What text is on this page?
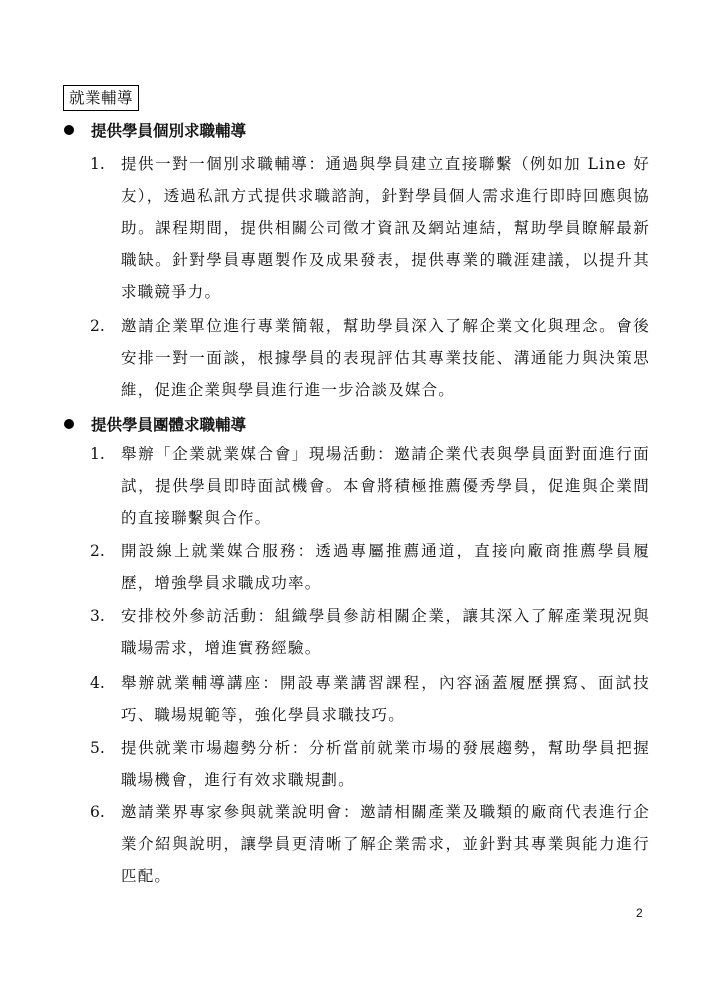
就業輔導
提供學員個別求職輔導
1. 提供一對一個別求職輔導：通過與學員建立直接聯繫（例如加 Line 好友），透過私訊方式提供求職諮詢，針對學員個人需求進行即時回應與協助。課程期間，提供相關公司徵才資訊及網站連結，幫助學員瞭解最新職缺。針對學員專題製作及成果發表，提供專業的職涯建議，以提升其求職競爭力。
2. 邀請企業單位進行專業簡報，幫助學員深入了解企業文化與理念。會後安排一對一面談，根據學員的表現評估其專業技能、溝通能力與決策思維，促進企業與學員進行進一步洽談及媒合。
提供學員團體求職輔導
1. 舉辦「企業就業媒合會」現場活動：邀請企業代表與學員面對面進行面試，提供學員即時面試機會。本會將積極推薦優秀學員，促進與企業間的直接聯繫與合作。
2. 開設線上就業媒合服務：透過專屬推薦通道，直接向廠商推薦學員履歷，增強學員求職成功率。
3. 安排校外參訪活動：組織學員參訪相關企業，讓其深入了解產業現況與職場需求，增進實務經驗。
4. 舉辦就業輔導講座：開設專業講習課程，內容涵蓋履歷撰寫、面試技巧、職場規範等，強化學員求職技巧。
5. 提供就業市場趨勢分析：分析當前就業市場的發展趨勢，幫助學員把握職場機會，進行有效求職規劃。
6. 邀請業界專家參與就業說明會：邀請相關產業及職類的廠商代表進行企業介紹與說明，讓學員更清晰了解企業需求，並針對其專業與能力進行匹配。
2
